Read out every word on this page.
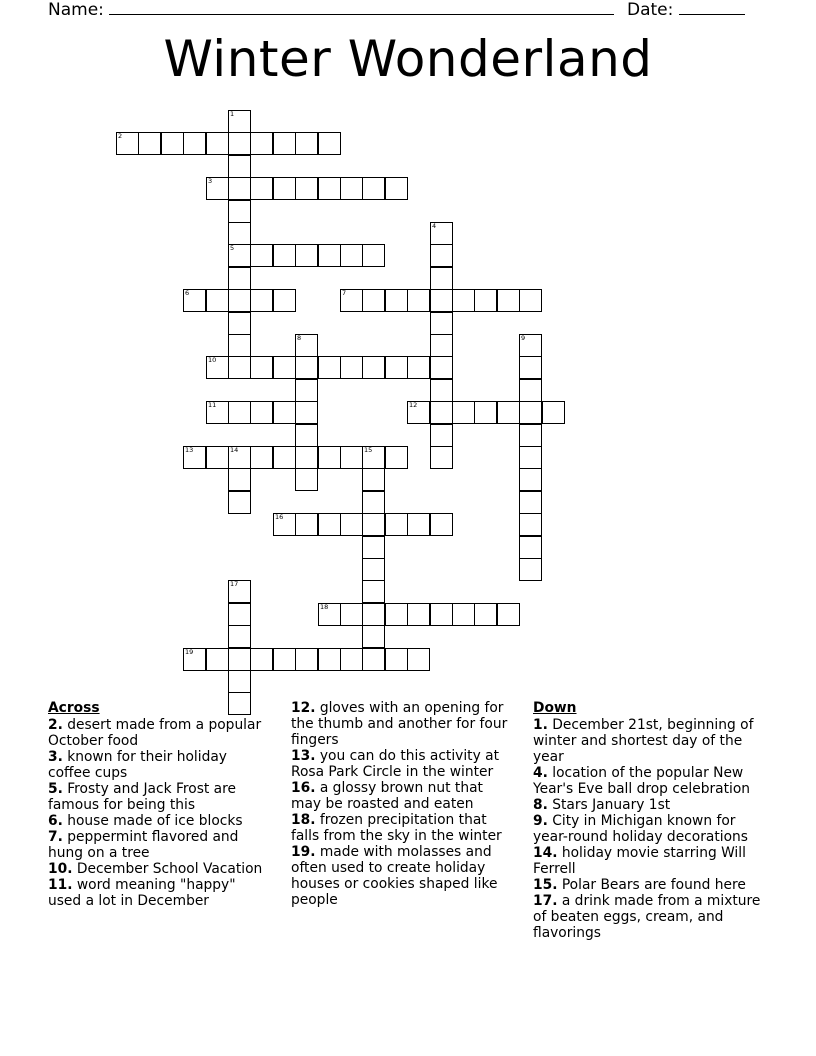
Name:	Date:
Winter Wonderland
1
5
2
3
4
6	7
8	9
10
11	12
13	14	15
16
17
18
19
Across
2. desert made from a popular October food
3. known for their holiday coffee cups
5. Frosty and Jack Frost are famous for being this
6. house made of ice blocks
7. peppermint flavored and hung on a tree
10. December School Vacation
11. word meaning "happy" used a lot in December
12. gloves with an opening for the thumb and another for four fingers
13. you can do this activity at Rosa Park Circle in the winter
16. a glossy brown nut that may be roasted and eaten
18. frozen precipitation that falls from the sky in the winter
19. made with molasses and often used to create holiday houses or cookies shaped like people
Down
1. December 21st, beginning of winter and shortest day of the year
4. location of the popular New Year's Eve ball drop celebration
8. Stars January 1st
9. City in Michigan known for year-round holiday decorations
14. holiday movie starring Will Ferrell
15. Polar Bears are found here
17. a drink made from a mixture of beaten eggs, cream, and flavorings
